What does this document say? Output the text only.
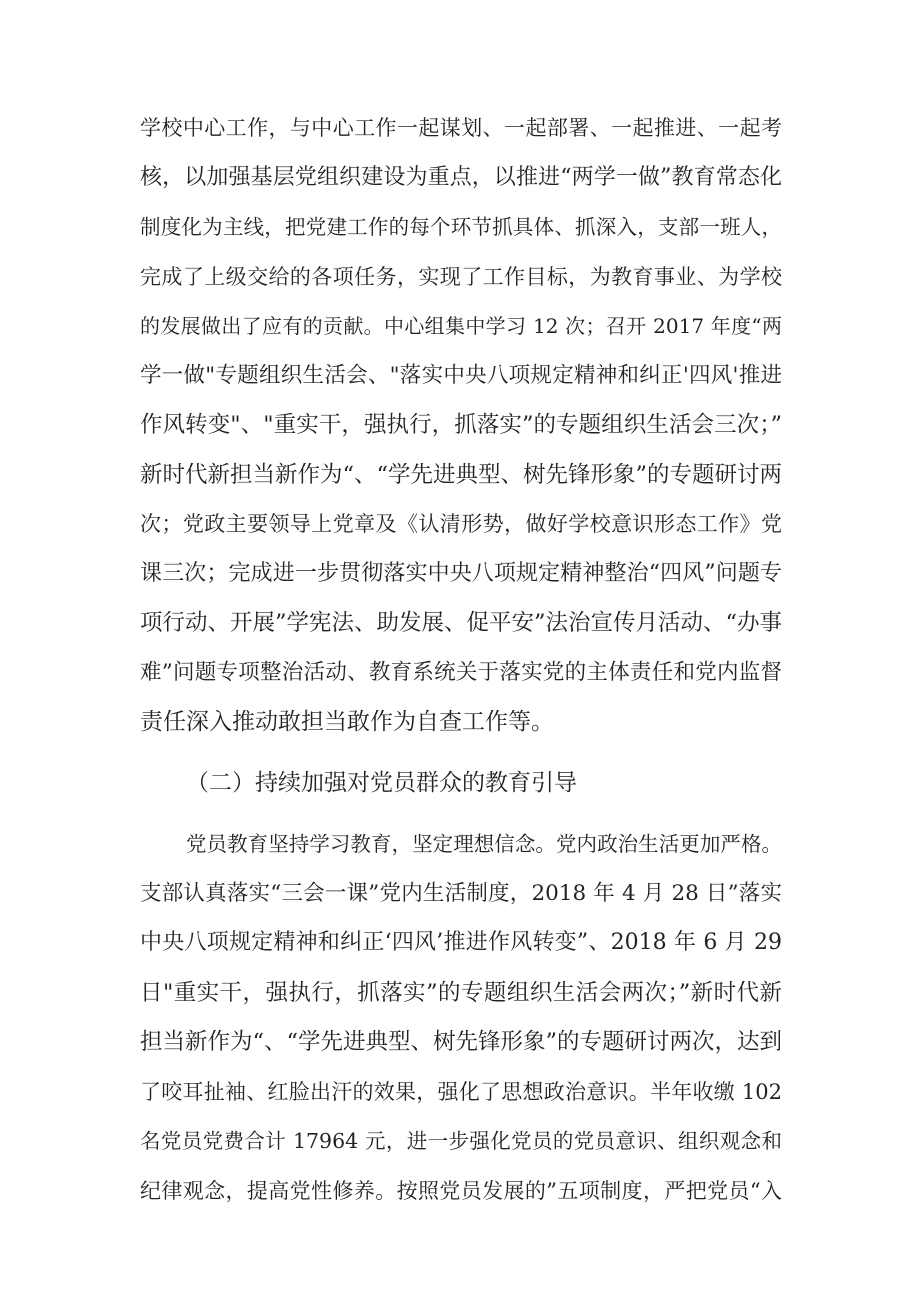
学校中心工作，与中心工作一起谋划、一起部署、一起推进、一起考
核，以加强基层党组织建设为重点，以推进“两学一做”教育常态化
制度化为主线，把党建工作的每个环节抓具体、抓深入，支部一班人，
完成了上级交给的各项任务，实现了工作目标，为教育事业、为学校
的发展做出了应有的贡献。中心组集中学习 12 次；召开 2017 年度“两
学一做"专题组织生活会、"落实中央八项规定精神和纠正'四风'推进
作风转变"、"重实干，强执行，抓落实”的专题组织生活会三次；”
新时代新担当新作为“、“学先进典型、树先锋形象”的专题研讨两
次；党政主要领导上党章及《认清形势，做好学校意识形态工作》党
课三次；完成进一步贯彻落实中央八项规定精神整治“四风”问题专
项行动、开展”学宪法、助发展、促平安”法治宣传月活动、“办事
难”问题专项整治活动、教育系统关于落实党的主体责任和党内监督
责任深入推动敢担当敢作为自查工作等。
（二）持续加强对党员群众的教育引导
党员教育坚持学习教育，坚定理想信念。党内政治生活更加严格。
支部认真落实“三会一课”党内生活制度，2018 年 4 月 28 日”落实
中央八项规定精神和纠正‘四风’推进作风转变”、2018 年 6 月 29
日"重实干，强执行，抓落实”的专题组织生活会两次；”新时代新
担当新作为“、“学先进典型、树先锋形象”的专题研讨两次，达到
了咬耳扯袖、红脸出汗的效果，强化了思想政治意识。半年收缴 102
名党员党费合计 17964 元，进一步强化党员的党员意识、组织观念和
纪律观念，提高党性修养。按照党员发展的”五项制度，严把党员“入
